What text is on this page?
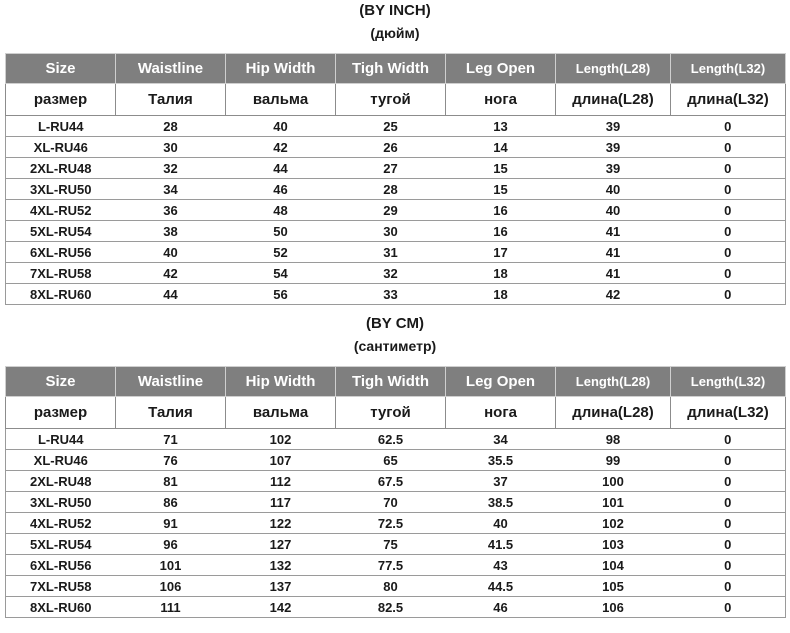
(BY INCH)
(дюйм)
Size	Waistline	Hip Width	Tigh Width	Leg Open	Length(L28)	Length(L32)
размер	Талия	вальма	тугой	нога	длина(L28)	длина(L32)
L-RU44	28	40	25	13	39	0
XL-RU46	30	42	26	14	39	0
2XL-RU48	32	44	27	15	39	0
3XL-RU50	34	46	28	15	40	0
4XL-RU52	36	48	29	16	40	0
5XL-RU54	38	50	30	16	41	0
6XL-RU56	40	52	31	17	41	0
7XL-RU58	42	54	32	18	41	0
8XL-RU60	44	56	33	18	42	0
(BY CM)
(сантиметр)
Size	Waistline	Hip Width	Tigh Width	Leg Open	Length(L28)	Length(L32)
размер	Талия	вальма	тугой	нога	длина(L28)	длина(L32)
L-RU44	71	102	62.5	34	98	0
XL-RU46	76	107	65	35.5	99	0
2XL-RU48	81	112	67.5	37	100	0
3XL-RU50	86	117	70	38.5	101	0
4XL-RU52	91	122	72.5	40	102	0
5XL-RU54	96	127	75	41.5	103	0
6XL-RU56	101	132	77.5	43	104	0
7XL-RU58	106	137	80	44.5	105	0
8XL-RU60	111	142	82.5	46	106	0
